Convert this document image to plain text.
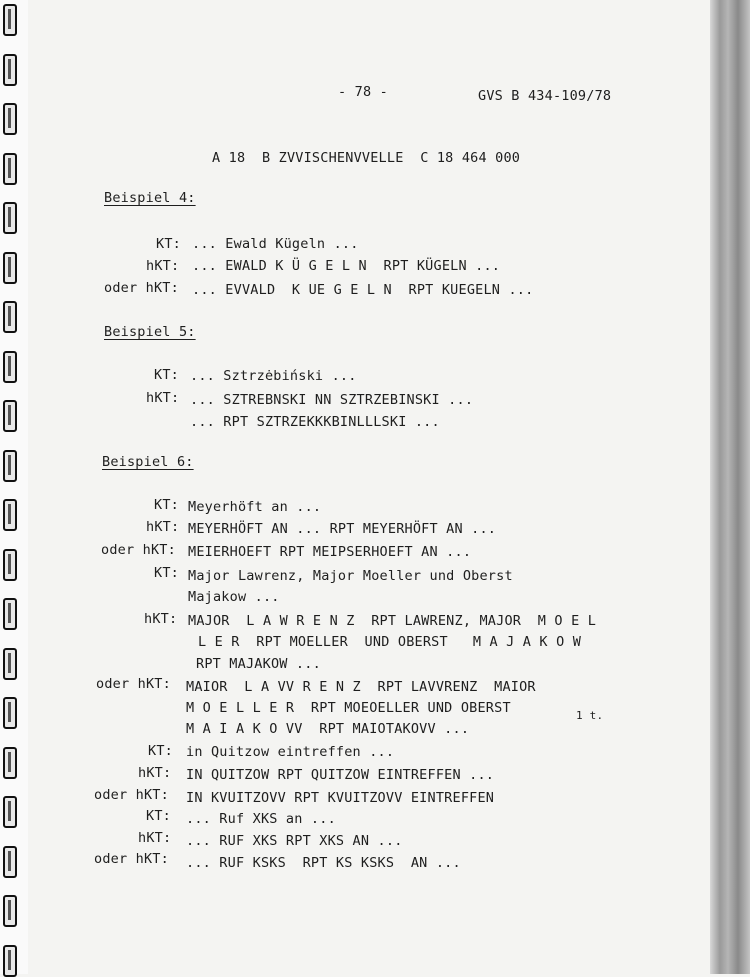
- 78 -	GVS B 434-109/78
A 18  B ZVVISCHENVVELLE  C 18 464 000
Beispiel 4:
KT: ... Ewald Kügeln ...
hKT: ... EWALD K Ü G E L N  RPT KÜGELN ...
oder hKT: ... EVVALD  K UE G E L N  RPT KUEGELN ...
Beispiel 5:
KT: ... Sztrzėbiński ...
hKT: ... SZTREBNSKI NN SZTRZEBINSKI ...
... RPT SZTRZEKKKBINLLLSKI ...
Beispiel 6:
KT: Meyerhöft an ...
hKT: MEYERHÖFT AN ... RPT MEYERHÖFT AN ...
oder hKT: MEIERHOEFT RPT MEIPSERHOEFT AN ...
KT: Major Lawrenz, Major Moeller und Oberst
Majakow ...
hKT: MAJOR  L A W R E N Z  RPT LAWRENZ, MAJOR  M O E L
L E R  RPT MOELLER  UND OBERST   M A J A K O W
RPT MAJAKOW ...
oder hKT: MAIOR  L A VV R E N Z  RPT LAVVRENZ  MAIOR
M O E L L E R  RPT MOEOELLER UND OBERST
M A I A K O VV  RPT MAIOTAKOVV ...
KT: in Quitzow eintreffen ...
hKT: IN QUITZOW RPT QUITZOW EINTREFFEN ...
oder hKT: IN KVUITZOVV RPT KVUITZOVV EINTREFFEN
KT: ... Ruf XKS an ...
hKT: ... RUF XKS RPT XKS AN ...
oder hKT: ... RUF KSKS  RPT KS KSKS  AN ...
1 t.
